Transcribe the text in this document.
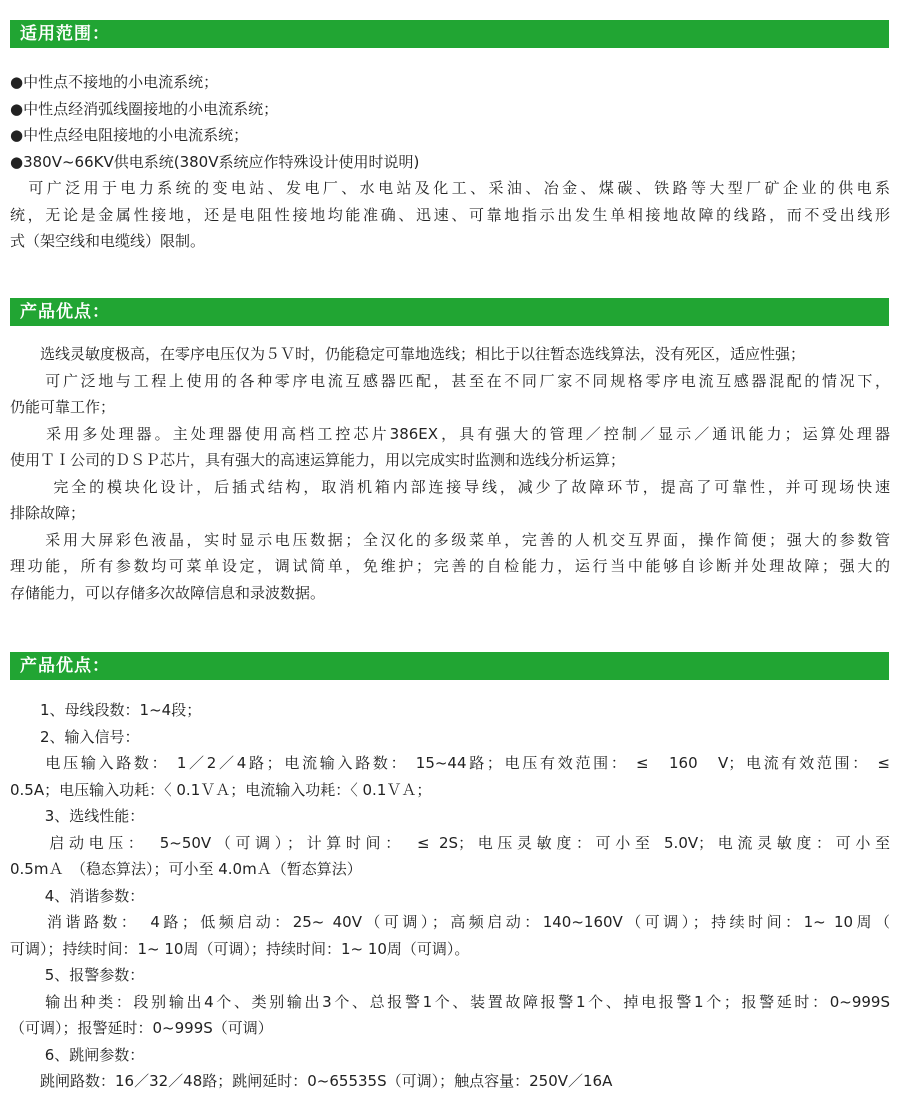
适用范围：
●中性点不接地的小电流系统；
●中性点经消弧线圈接地的小电流系统；
●中性点经电阻接地的小电流系统；
●380V~66KV供电系统(380V系统应作特殊设计使用时说明)
　可广泛用于电力系统的变电站、发电厂、水电站及化工、采油、冶金、煤碳、铁路等大型厂矿企业的供电系
统，无论是金属性接地，还是电阻性接地均能准确、迅速、可靠地指示出发生单相接地故障的线路，而不受出线形
式（架空线和电缆线）限制。
产品优点：
　　选线灵敏度极高，在零序电压仅为５Ｖ时，仍能稳定可靠地选线；相比于以往暂态选线算法，没有死区，适应性强；
　　可广泛地与工程上使用的各种零序电流互感器匹配，甚至在不同厂家不同规格零序电流互感器混配的情况下，
仍能可靠工作；
　　采用多处理器。主处理器使用高档工控芯片386EX，具有强大的管理／控制／显示／通讯能力；运算处理器
使用ＴＩ公司的ＤＳＰ芯片，具有强大的高速运算能力，用以完成实时监测和选线分析运算；
　　 完全的模块化设计，后插式结构，取消机箱内部连接导线，减少了故障环节，提高了可靠性，并可现场快速
排除故障；
　　采用大屏彩色液晶，实时显示电压数据；全汉化的多级菜单，完善的人机交互界面，操作简便；强大的参数管
理功能，所有参数均可菜单设定，调试简单，免维护；完善的自检能力，运行当中能够自诊断并处理故障；强大的
存储能力，可以存储多次故障信息和录波数据。
产品优点：
　　1、母线段数：1~4段；
　　2、输入信号：
　　电压输入路数： 1／2／4路；电流输入路数： 15~44路；电压有效范围： ≤　160　V；电流有效范围： ≤
0.5A；电压输入功耗：〈 0.1ＶＡ；电流输入功耗：〈 0.1ＶＡ；
　　 3、选线性能：
　　启动电压：　5~50V（可调）；计算时间：　≤ 2S；电压灵敏度：可小至 5.0V；电流灵敏度：可小至
0.5mＡ　（稳态算法）；可小至 4.0mＡ（暂态算法）
　　 4、消谐参数：
　　消谐路数：　4路；低频启动：25~ 40V（可调）；高频启动：140~160V（可调）；持续时间：1~ 10周（
可调）；持续时间：1~ 10周（可调）；持续时间：1~ 10周（可调）。
　　 5、报警参数：
　　输出种类：段别输出4个、类别输出3个、总报警1个、装置故障报警1个、掉电报警1个；报警延时：0~999S
（可调）；报警延时：0~999S（可调）
　　 6、跳闸参数：
　　跳闸路数：16／32／48路；跳闸延时：0~65535S（可调）；触点容量：250V／16A
